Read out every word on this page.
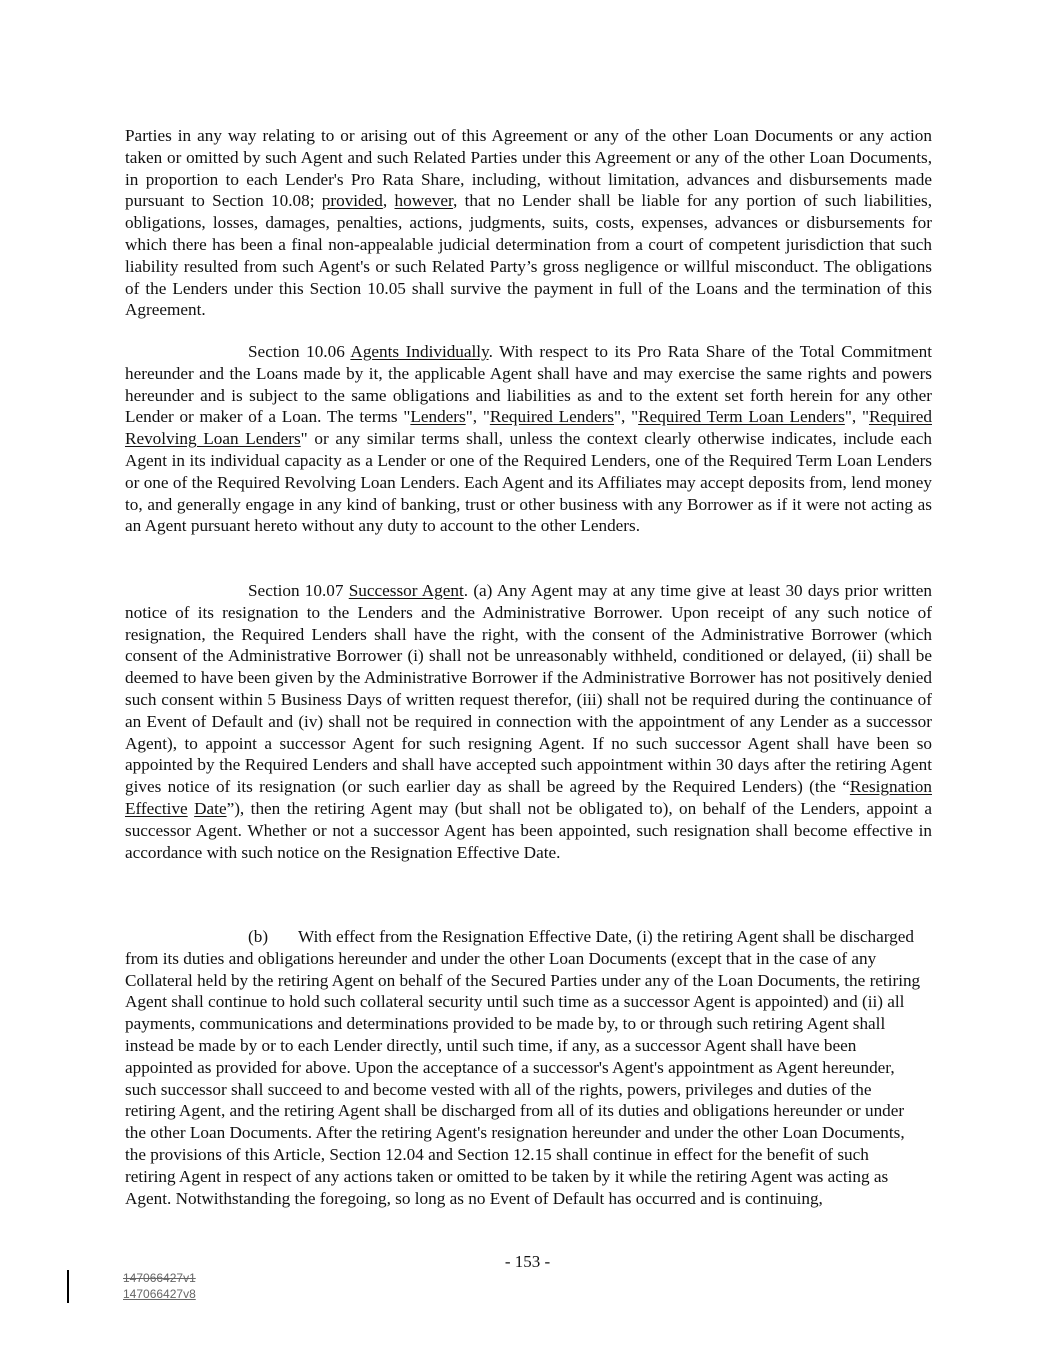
Parties in any way relating to or arising out of this Agreement or any of the other Loan Documents or any action taken or omitted by such Agent and such Related Parties under this Agreement or any of the other Loan Documents, in proportion to each Lender's Pro Rata Share, including, without limitation, advances and disbursements made pursuant to Section 10.08; provided, however, that no Lender shall be liable for any portion of such liabilities, obligations, losses, damages, penalties, actions, judgments, suits, costs, expenses, advances or disbursements for which there has been a final non-appealable judicial determination from a court of competent jurisdiction that such liability resulted from such Agent's or such Related Party’s gross negligence or willful misconduct. The obligations of the Lenders under this Section 10.05 shall survive the payment in full of the Loans and the termination of this Agreement.

Section 10.06 Agents Individually. With respect to its Pro Rata Share of the Total Commitment hereunder and the Loans made by it, the applicable Agent shall have and may exercise the same rights and powers hereunder and is subject to the same obligations and liabilities as and to the extent set forth herein for any other Lender or maker of a Loan. The terms "Lenders", "Required Lenders", "Required Term Loan Lenders", "Required Revolving Loan Lenders" or any similar terms shall, unless the context clearly otherwise indicates, include each Agent in its individual capacity as a Lender or one of the Required Lenders, one of the Required Term Loan Lenders or one of the Required Revolving Loan Lenders. Each Agent and its Affiliates may accept deposits from, lend money to, and generally engage in any kind of banking, trust or other business with any Borrower as if it were not acting as an Agent pursuant hereto without any duty to account to the other Lenders.

Section 10.07 Successor Agent. (a) Any Agent may at any time give at least 30 days prior written notice of its resignation to the Lenders and the Administrative Borrower. Upon receipt of any such notice of resignation, the Required Lenders shall have the right, with the consent of the Administrative Borrower (which consent of the Administrative Borrower (i) shall not be unreasonably withheld, conditioned or delayed, (ii) shall be deemed to have been given by the Administrative Borrower if the Administrative Borrower has not positively denied such consent within 5 Business Days of written request therefor, (iii) shall not be required during the continuance of an Event of Default and (iv) shall not be required in connection with the appointment of any Lender as a successor Agent), to appoint a successor Agent for such resigning Agent. If no such successor Agent shall have been so appointed by the Required Lenders and shall have accepted such appointment within 30 days after the retiring Agent gives notice of its resignation (or such earlier day as shall be agreed by the Required Lenders) (the “Resignation Effective Date”), then the retiring Agent may (but shall not be obligated to), on behalf of the Lenders, appoint a successor Agent. Whether or not a successor Agent has been appointed, such resignation shall become effective in accordance with such notice on the Resignation Effective Date.

(b) With effect from the Resignation Effective Date, (i) the retiring Agent shall be discharged from its duties and obligations hereunder and under the other Loan Documents (except that in the case of any Collateral held by the retiring Agent on behalf of the Secured Parties under any of the Loan Documents, the retiring Agent shall continue to hold such collateral security until such time as a successor Agent is appointed) and (ii) all payments, communications and determinations provided to be made by, to or through such retiring Agent shall instead be made by or to each Lender directly, until such time, if any, as a successor Agent shall have been appointed as provided for above. Upon the acceptance of a successor's Agent's appointment as Agent hereunder, such successor shall succeed to and become vested with all of the rights, powers, privileges and duties of the retiring Agent, and the retiring Agent shall be discharged from all of its duties and obligations hereunder or under the other Loan Documents. After the retiring Agent's resignation hereunder and under the other Loan Documents, the provisions of this Article, Section 12.04 and Section 12.15 shall continue in effect for the benefit of such retiring Agent in respect of any actions taken or omitted to be taken by it while the retiring Agent was acting as Agent. Notwithstanding the foregoing, so long as no Event of Default has occurred and is continuing,

- 153 -
147066427v1
147066427v8
